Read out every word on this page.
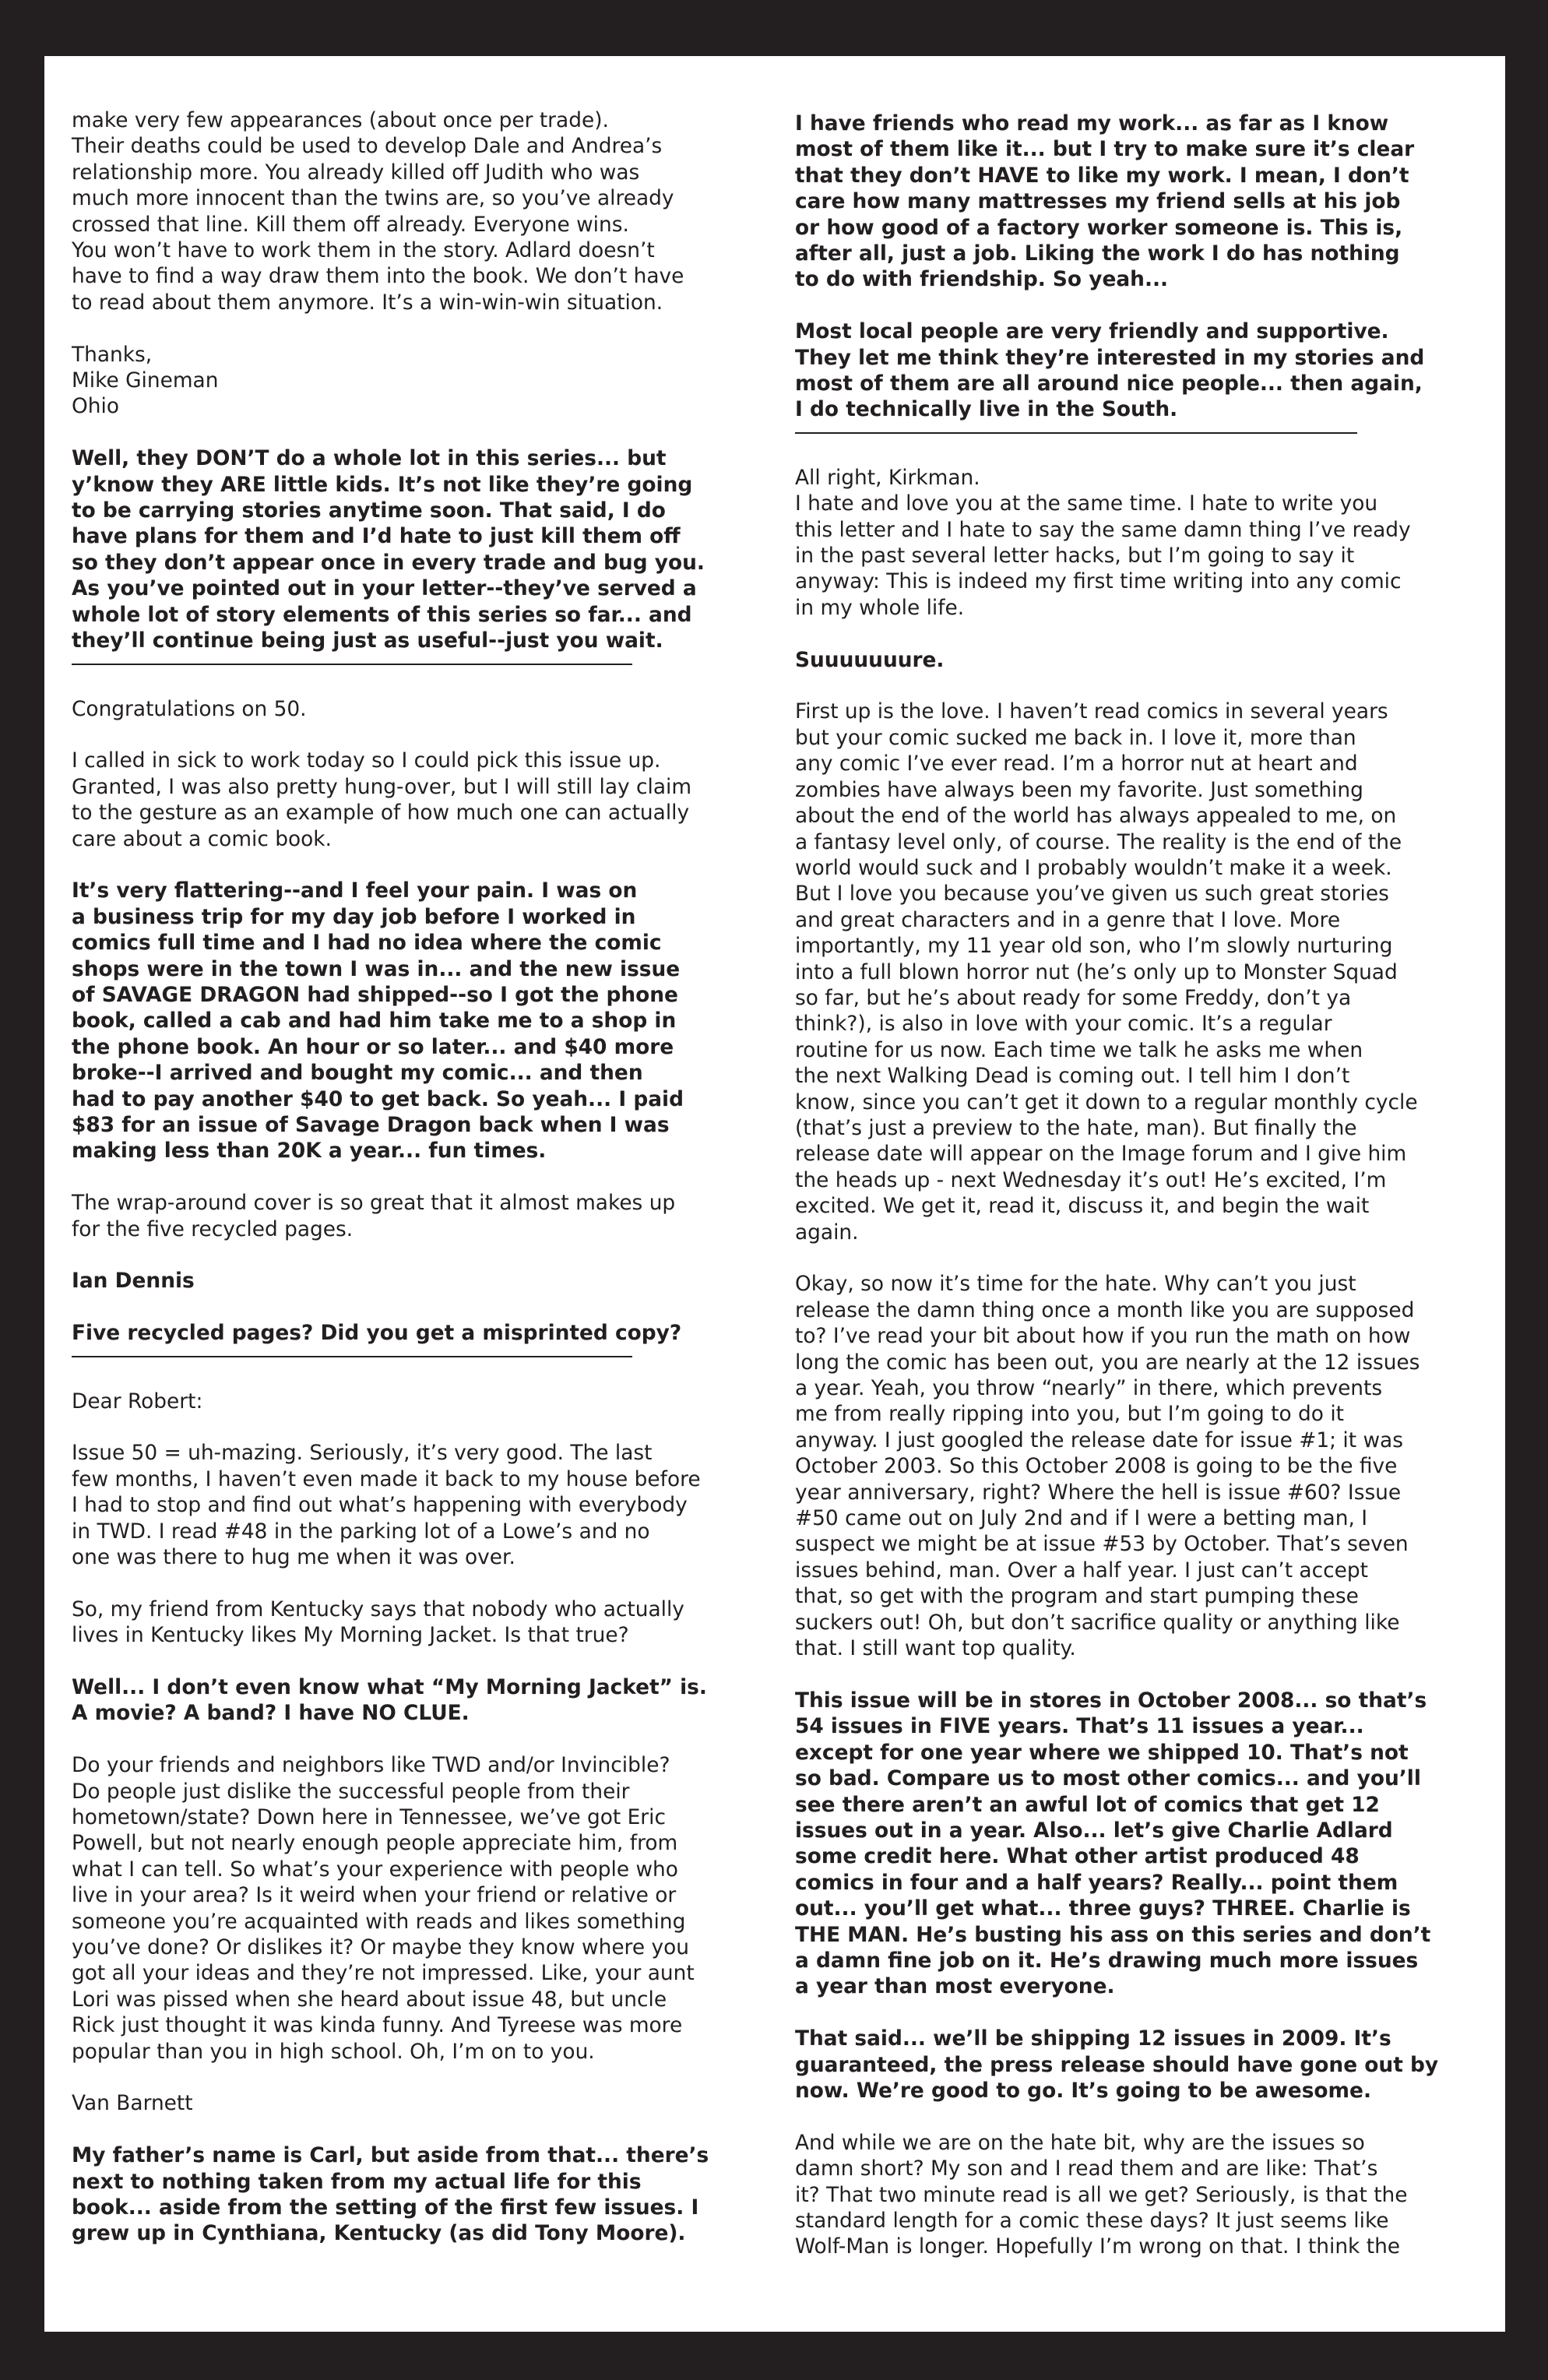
make very few appearances (about once per trade).
Their deaths could be used to develop Dale and Andrea’s
relationship more. You already killed off Judith who was
much more innocent than the twins are, so you’ve already
crossed that line. Kill them off already. Everyone wins.
You won’t have to work them in the story. Adlard doesn’t
have to find a way draw them into the book. We don’t have
to read about them anymore. It’s a win-win-win situation.

Thanks,
Mike Gineman
Ohio

Well, they DON’T do a whole lot in this series... but
y’know they ARE little kids. It’s not like they’re going
to be carrying stories anytime soon. That said, I do
have plans for them and I’d hate to just kill them off
so they don’t appear once in every trade and bug you.
As you’ve pointed out in your letter--they’ve served a
whole lot of story elements of this series so far... and
they’ll continue being just as useful--just you wait.

Congratulations on 50.

I called in sick to work today so I could pick this issue up.
Granted, I was also pretty hung-over, but I will still lay claim
to the gesture as an example of how much one can actually
care about a comic book.

It’s very flattering--and I feel your pain. I was on
a business trip for my day job before I worked in
comics full time and I had no idea where the comic
shops were in the town I was in... and the new issue
of SAVAGE DRAGON had shipped--so I got the phone
book, called a cab and had him take me to a shop in
the phone book. An hour or so later... and $40 more
broke--I arrived and bought my comic... and then
had to pay another $40 to get back. So yeah... I paid
$83 for an issue of Savage Dragon back when I was
making less than 20K a year... fun times.

The wrap-around cover is so great that it almost makes up
for the five recycled pages.

Ian Dennis

Five recycled pages? Did you get a misprinted copy?

Dear Robert:

Issue 50 = uh-mazing. Seriously, it’s very good. The last
few months, I haven’t even made it back to my house before
I had to stop and find out what’s happening with everybody
in TWD. I read #48 in the parking lot of a Lowe’s and no
one was there to hug me when it was over.

So, my friend from Kentucky says that nobody who actually
lives in Kentucky likes My Morning Jacket. Is that true?

Well... I don’t even know what “My Morning Jacket” is.
A movie? A band? I have NO CLUE.

Do your friends and neighbors like TWD and/or Invincible?
Do people just dislike the successful people from their
hometown/state? Down here in Tennessee, we’ve got Eric
Powell, but not nearly enough people appreciate him, from
what I can tell. So what’s your experience with people who
live in your area? Is it weird when your friend or relative or
someone you’re acquainted with reads and likes something
you’ve done? Or dislikes it? Or maybe they know where you
got all your ideas and they’re not impressed. Like, your aunt
Lori was pissed when she heard about issue 48, but uncle
Rick just thought it was kinda funny. And Tyreese was more
popular than you in high school. Oh, I’m on to you.

Van Barnett

My father’s name is Carl, but aside from that... there’s
next to nothing taken from my actual life for this
book... aside from the setting of the first few issues. I
grew up in Cynthiana, Kentucky (as did Tony Moore).

I have friends who read my work... as far as I know
most of them like it... but I try to make sure it’s clear
that they don’t HAVE to like my work. I mean, I don’t
care how many mattresses my friend sells at his job
or how good of a factory worker someone is. This is,
after all, just a job. Liking the work I do has nothing
to do with friendship. So yeah...

Most local people are very friendly and supportive.
They let me think they’re interested in my stories and
most of them are all around nice people... then again,
I do technically live in the South.

All right, Kirkman.
I hate and love you at the same time. I hate to write you
this letter and I hate to say the same damn thing I’ve ready
in the past several letter hacks, but I’m going to say it
anyway: This is indeed my first time writing into any comic
in my whole life.

Suuuuuuure.

First up is the love. I haven’t read comics in several years
but your comic sucked me back in. I love it, more than
any comic I’ve ever read. I’m a horror nut at heart and
zombies have always been my favorite. Just something
about the end of the world has always appealed to me, on
a fantasy level only, of course. The reality is the end of the
world would suck and I probably wouldn’t make it a week.
But I love you because you’ve given us such great stories
and great characters and in a genre that I love. More
importantly, my 11 year old son, who I’m slowly nurturing
into a full blown horror nut (he’s only up to Monster Squad
so far, but he’s about ready for some Freddy, don’t ya
think?), is also in love with your comic. It’s a regular
routine for us now. Each time we talk he asks me when
the next Walking Dead is coming out. I tell him I don’t
know, since you can’t get it down to a regular monthly cycle
(that’s just a preview to the hate, man). But finally the
release date will appear on the Image forum and I give him
the heads up - next Wednesday it’s out! He’s excited, I’m
excited. We get it, read it, discuss it, and begin the wait
again.

Okay, so now it’s time for the hate. Why can’t you just
release the damn thing once a month like you are supposed
to? I’ve read your bit about how if you run the math on how
long the comic has been out, you are nearly at the 12 issues
a year. Yeah, you throw “nearly” in there, which prevents
me from really ripping into you, but I’m going to do it
anyway. I just googled the release date for issue #1; it was
October 2003. So this October 2008 is going to be the five
year anniversary, right? Where the hell is issue #60? Issue
#50 came out on July 2nd and if I were a betting man, I
suspect we might be at issue #53 by October. That’s seven
issues behind, man. Over a half year. I just can’t accept
that, so get with the program and start pumping these
suckers out! Oh, but don’t sacrifice quality or anything like
that. I still want top quality.

This issue will be in stores in October 2008... so that’s
54 issues in FIVE years. That’s 11 issues a year...
except for one year where we shipped 10. That’s not
so bad. Compare us to most other comics... and you’ll
see there aren’t an awful lot of comics that get 12
issues out in a year. Also... let’s give Charlie Adlard
some credit here. What other artist produced 48
comics in four and a half years? Really... point them
out... you’ll get what... three guys? THREE. Charlie is
THE MAN. He’s busting his ass on this series and don’t
a damn fine job on it. He’s drawing much more issues
a year than most everyone.

That said... we’ll be shipping 12 issues in 2009. It’s
guaranteed, the press release should have gone out by
now. We’re good to go. It’s going to be awesome.

And while we are on the hate bit, why are the issues so
damn short? My son and I read them and are like: That’s
it? That two minute read is all we get? Seriously, is that the
standard length for a comic these days? It just seems like
Wolf-Man is longer. Hopefully I’m wrong on that. I think the
